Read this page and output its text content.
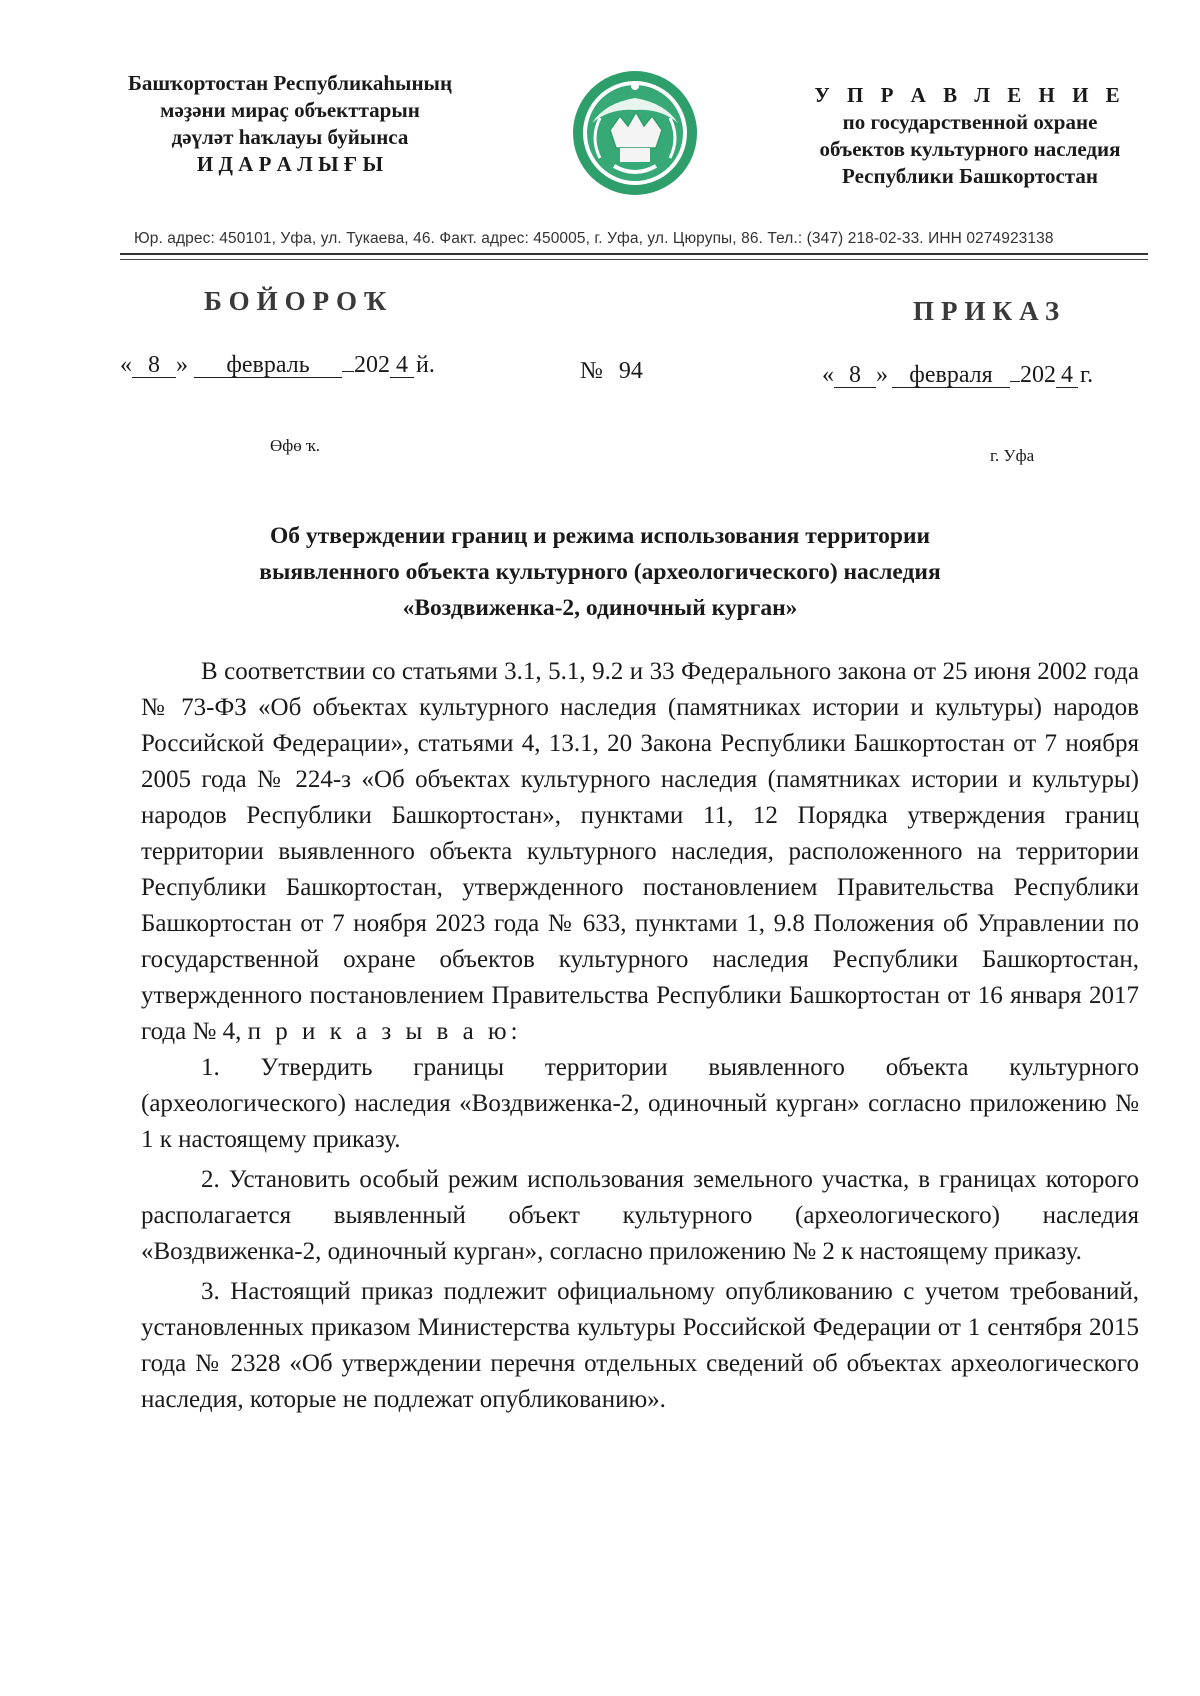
Башҡортостан Республикаһының
мәҙәни мираҫ объекттарын
дәүләт һаҡлауы буйынса
И Д А Р А Л Ы Ғ Ы
У П Р А В Л Е Н И Е
по государственной охране
объектов культурного наследия
Республики Башкортостан
Юр. адрес: 450101, Уфа, ул. Тукаева, 46. Факт. адрес: 450005, г. Уфа, ул. Цюрупы, 86. Тел.: (347) 218-02-33. ИНН 0274923138
БОЙОРОҠ	ПРИКАЗ
« 8 » февраль 202 4 й.	№ 94	« 8 » февраля 202 4 г.
Өфө ҡ.
г. Уфа
Об утверждении границ и режима использования территории
выявленного объекта культурного (археологического) наследия
«Воздвиженка-2, одиночный курган»

В соответствии со статьями 3.1, 5.1, 9.2 и 33 Федерального закона от 25 июня 2002 года № 73-ФЗ «Об объектах культурного наследия (памятниках истории и культуры) народов Российской Федерации», статьями 4, 13.1, 20 Закона Республики Башкортостан от 7 ноября 2005 года № 224-з «Об объектах культурного наследия (памятниках истории и культуры) народов Республики Башкортостан», пунктами 11, 12 Порядка утверждения границ территории выявленного объекта культурного наследия, расположенного на территории Республики Башкортостан, утвержденного постановлением Правительства Республики Башкортостан от 7 ноября 2023 года № 633, пунктами 1, 9.8 Положения об Управлении по государственной охране объектов культурного наследия Республики Башкортостан, утвержденного постановлением Правительства Республики Башкортостан от 16 января 2017 года № 4, п р и к а з ы в а ю:

1. Утвердить границы территории выявленного объекта культурного (археологического) наследия «Воздвиженка-2, одиночный курган» согласно приложению № 1 к настоящему приказу.

2. Установить особый режим использования земельного участка, в границах которого располагается выявленный объект культурного (археологического) наследия «Воздвиженка-2, одиночный курган», согласно приложению № 2 к настоящему приказу.

3. Настоящий приказ подлежит официальному опубликованию с учетом требований, установленных приказом Министерства культуры Российской Федерации от 1 сентября 2015 года № 2328 «Об утверждении перечня отдельных сведений об объектах археологического наследия, которые не подлежат опубликованию».
